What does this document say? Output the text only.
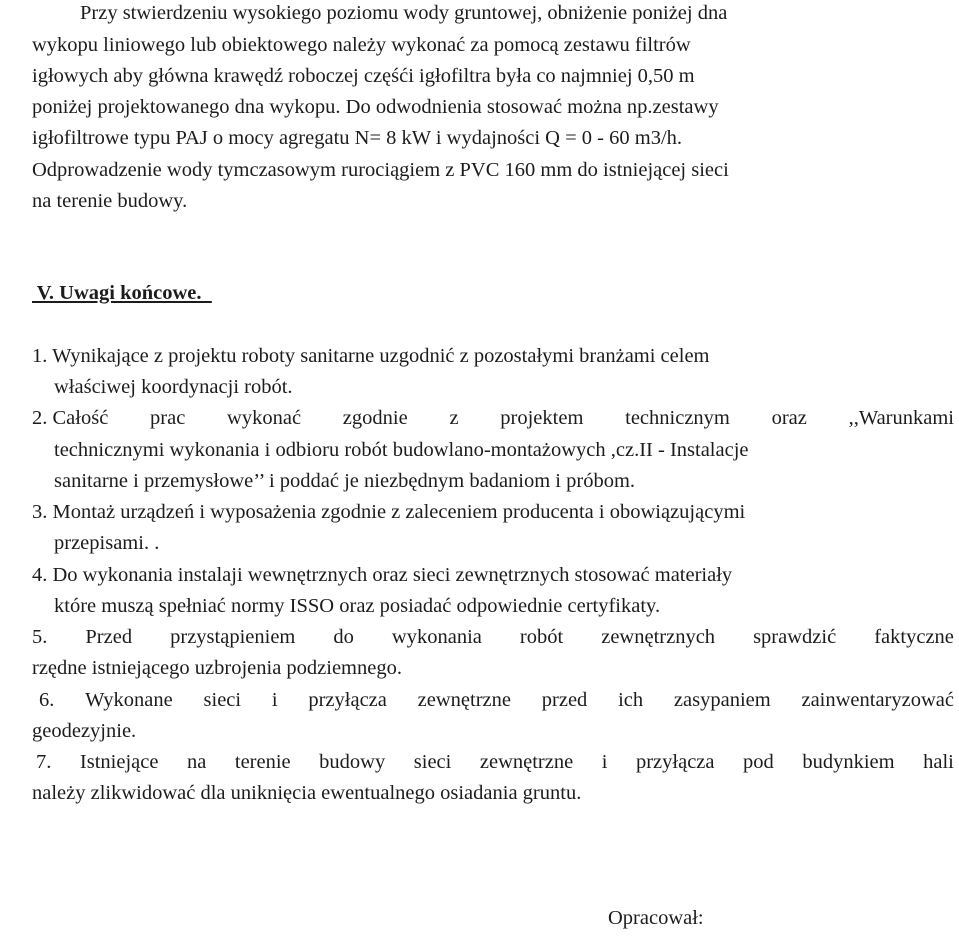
Przy stwierdzeniu wysokiego poziomu wody gruntowej, obniżenie poniżej dna
wykopu liniowego lub obiektowego należy wykonać za pomocą zestawu filtrów
igłowych aby główna krawędź roboczej częśći igłofiltra była co najmniej 0,50 m
poniżej projektowanego dna wykopu. Do odwodnienia stosować można np.zestawy
igłofiltrowe typu PAJ o mocy agregatu N= 8 kW i wydajności Q = 0 - 60 m3/h.
Odprowadzenie wody tymczasowym rurociągiem z PVC 160 mm do istniejącej sieci
na terenie budowy.
V. Uwagi końcowe.
1. Wynikające z projektu roboty sanitarne uzgodnić z pozostałymi branżami celem
właściwej koordynacji robót.
2. Całość prac wykonać zgodnie z projektem technicznym oraz ,,Warunkami
technicznymi wykonania i odbioru robót budowlano-montażowych ,cz.II - Instalacje
sanitarne i przemysłowe’’ i poddać je niezbędnym badaniom i próbom.
3. Montaż urządzeń i wyposażenia zgodnie z zaleceniem producenta i obowiązującymi
przepisami. .
4. Do wykonania instalaji wewnętrznych oraz sieci zewnętrznych stosować materiały
które muszą spełniać normy ISSO oraz posiadać odpowiednie certyfikaty.
5. Przed przystąpieniem do wykonania robót zewnętrznych sprawdzić faktyczne
rzędne istniejącego uzbrojenia podziemnego.
6. Wykonane sieci i przyłącza zewnętrzne przed ich zasypaniem zainwentaryzować
geodezyjnie.
7. Istniejące na terenie budowy sieci zewnętrzne i przyłącza pod budynkiem hali
należy zlikwidować dla uniknięcia ewentualnego osiadania gruntu.
Opracował:
